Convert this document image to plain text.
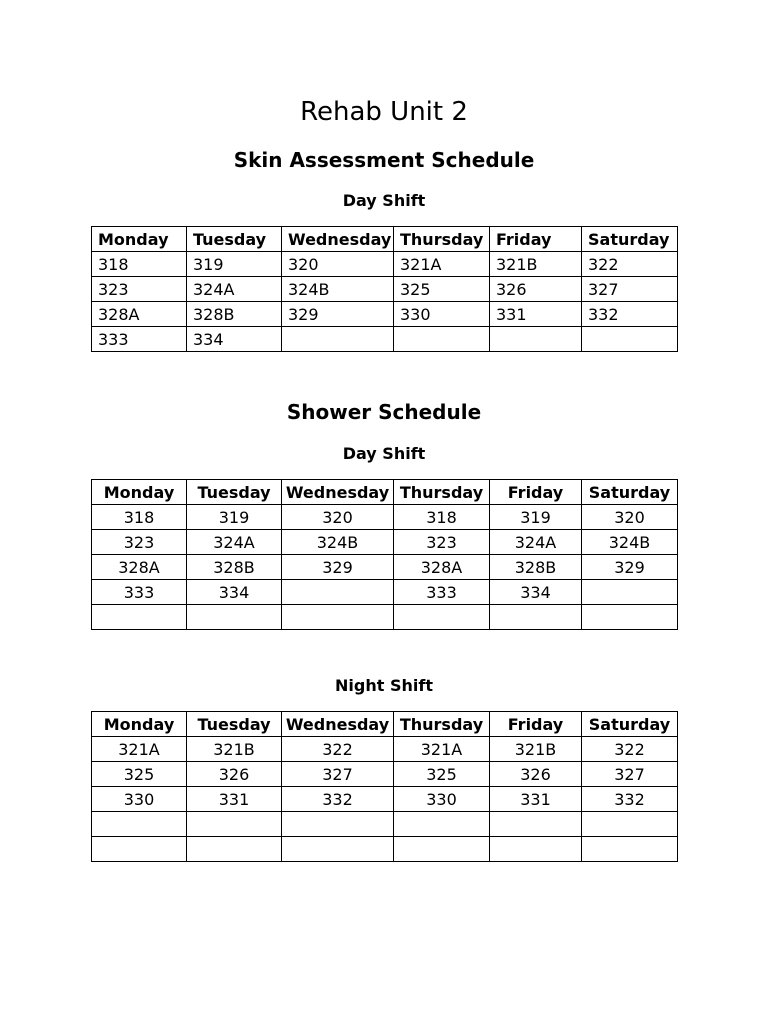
Rehab Unit 2
Skin Assessment Schedule
Day Shift
Monday	Tuesday	Wednesday	Thursday	Friday	Saturday
318	319	320	321A	321B	322
323	324A	324B	325	326	327
328A	328B	329	330	331	332
333	334				
Shower Schedule
Day Shift
Monday	Tuesday	Wednesday	Thursday	Friday	Saturday
318	319	320	318	319	320
323	324A	324B	323	324A	324B
328A	328B	329	328A	328B	329
333	334		333	334	

Night Shift
Monday	Tuesday	Wednesday	Thursday	Friday	Saturday
321A	321B	322	321A	321B	322
325	326	327	325	326	327
330	331	332	330	331	332
